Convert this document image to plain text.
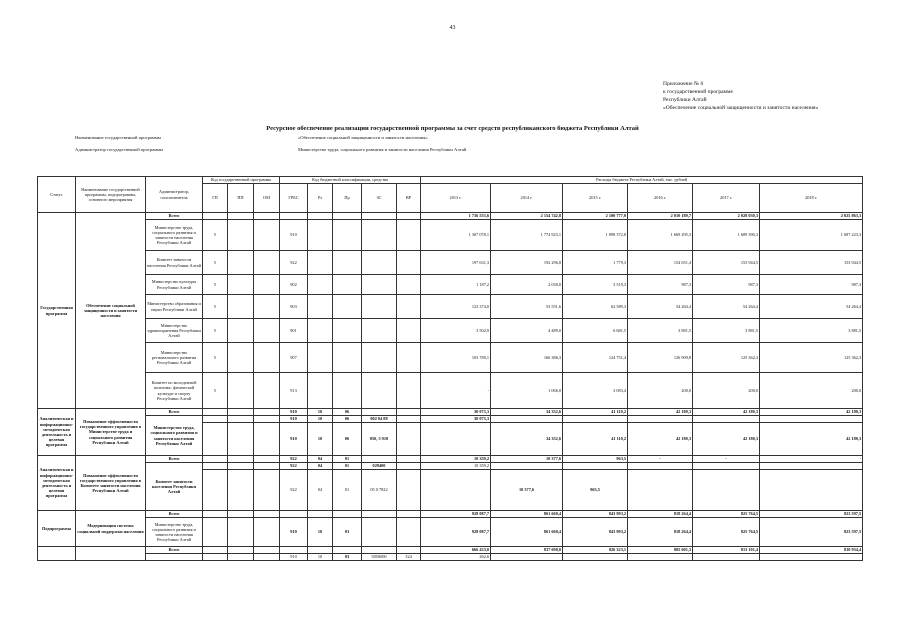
43
Приложение № 6
к государственной программе
Республики Алтай
«Обеспечение социальной защищенности и занятости населения»
Ресурсное обеспечение реализации государственной программы за счет средств республиканского бюджета Республики Алтай
Наименование государственной программы	«Обеспечение социальной защищенности и занятости населения»
Администратор государственной программы	Министерство труда, социального развития и занятости населения Республики Алтай
Статус	Наименование государственной программы, подпрограммы, основного мероприятия	Администратор, соисполнитель	Код государственной программы			Код бюджетной классификации, средства					Расходы бюджета Республики Алтай, тыс. рублей					
			ГП	ПП	ОМ	ГРБС	Рз	Пр	ЗС	ВР	2013 г.	2014 г.	2015 г.	2016 г.	2017 г.	2018 г.
Государственная программа	Обеспечение социальной защищенности и занятости населения	Всего									1 736 553,6	2 154 742,8	2 100 777,0	2 010 189,7	2 028 030,3	2 025 863,3
		Министерство труда, социального развития и занятости населения Республики Алтай	5			910					1 307 078,1	1 774 923,1	1 898 372,8	1 669 295,3	1 689 390,3	1 687 223,3
		Комитет занятости населения Республики Алтай	5			922					197 631,3	192 296,8	1 779,3	154 651,4	153 944,5	153 944,5
		Министерство культуры Республики Алтай	5			902					1 187,2	2 030,0	3 519,3	987,3	987,3	987,3
		Министерство образования и науки Республики Алтай	5			903					123 374,0	53 551,6	62 589,3	54 264,4	54 264,4	54 264,4
		Министерство здравоохранения Республики Алтай	5			901					3 502,9	4 489,0	6 681,5	3 881,5	3 881,5	3 881,5
		Министерство регионального развития Республики Алтай	5			907					103 780,1	166 386,3	124 751,4	126 909,8	125 362,3	125 362,3
		Комитет по молодежной политике, физической культуре и спорту Республики Алтай	5			913					-	1 066,0	3 083,4	200,0	200,0	200,0
Аналитическая и информационно-методическая деятельность и целевая программа	Повышение эффективности государственного управления в Министерстве труда и социального развития Республики Алтай	Всего				910	10	06			30 073,3	34 352,6	41 110,2	42 180,3	42 180,3	42 180,3
		Министерство труда, социального развития и занятости населения Республики Алтай				910	10	06	002 04 88		30 073,3					
						910	10	06	050, 5 910			34 352,6	41 110,2	42 180,3	42 180,3	42 180,3
Аналитическая и информационно-методическая деятельность и целевая программа	Повышение эффективности государственного управления в Комитете занятости населения Республики Алтай	Всего				922	04	01			10 359,2	10 377,6	963,5	-	-	-
		Комитет занятости населения Республики Алтай				922	04	01	029400		10 359,2					
						922	04	01	05 0 7822			10 377,6	963,5			
Подпрограмма	Модернизация системы социальной поддержки населения	Всего									928 087,7	861 660,4	843 993,2	818 264,4	825 764,5	823 597,5
		Министерство труда, социального развития и занятости населения Республики Алтай				910	10	03			928 087,7	861 660,4	843 993,2	818 264,4	825 764,5	823 597,5
		Всего									666 433,0	837 690,0	826 323,1	805 601,3	813 101,4	810 934,4
						910	10	03	5050000	324	262,6					
